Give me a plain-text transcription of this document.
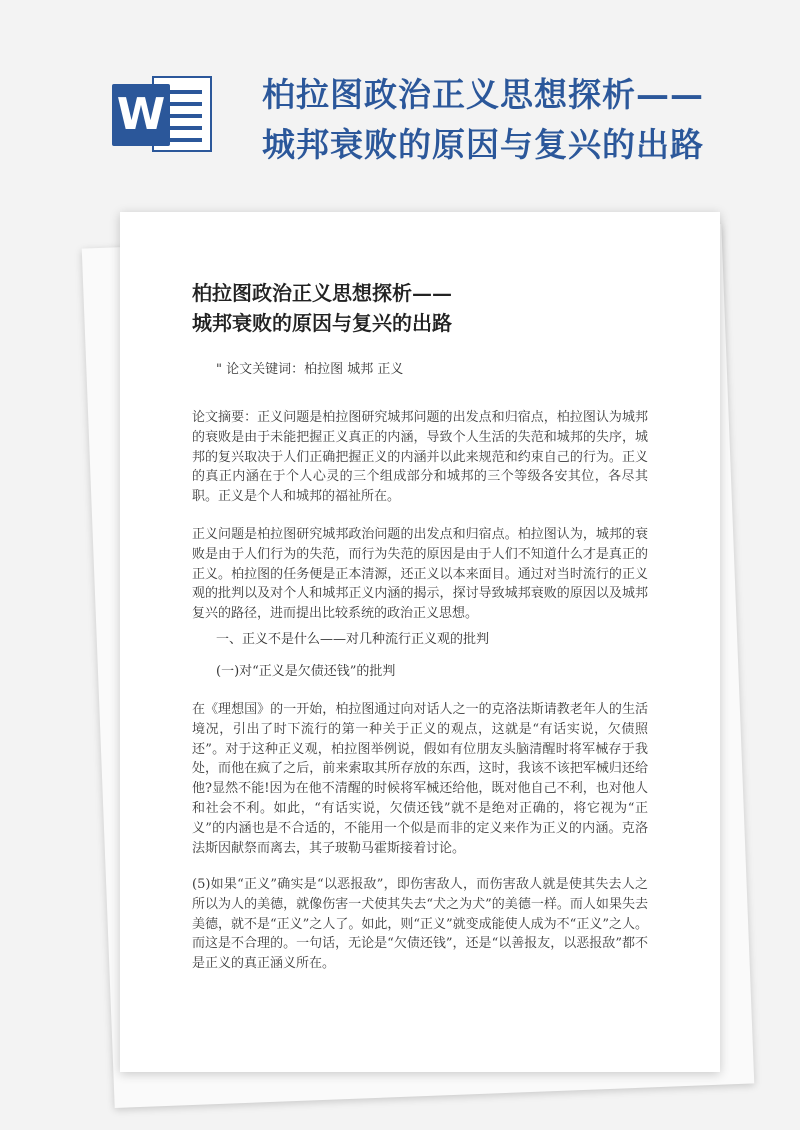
W	柏拉图政治正义思想探析——
城邦衰败的原因与复兴的出路
柏拉图政治正义思想探析——
城邦衰败的原因与复兴的出路
" 论文关键词：柏拉图 城邦 正义

论文摘要：正义问题是柏拉图研究城邦问题的出发点和归宿点，柏拉图认为城邦的衰败是由于未能把握正义真正的内涵，导致个人生活的失范和城邦的失序，城邦的复兴取决于人们正确把握正义的内涵并以此来规范和约束自己的行为。正义的真正内涵在于个人心灵的三个组成部分和城邦的三个等级各安其位，各尽其职。正义是个人和城邦的福祉所在。

正义问题是柏拉图研究城邦政治问题的出发点和归宿点。柏拉图认为，城邦的衰败是由于人们行为的失范，而行为失范的原因是由于人们不知道什么才是真正的正义。柏拉图的任务便是正本清源，还正义以本来面目。通过对当时流行的正义观的批判以及对个人和城邦正义内涵的揭示，探讨导致城邦衰败的原因以及城邦复兴的路径，进而提出比较系统的政治正义思想。

一、正义不是什么——对几种流行正义观的批判
(一)对“正义是欠债还钱”的批判

在《理想国》的一开始，柏拉图通过向对话人之一的克洛法斯请教老年人的生活境况，引出了时下流行的第一种关于正义的观点，这就是“有话实说，欠债照还”。对于这种正义观，柏拉图举例说，假如有位朋友头脑清醒时将军械存于我处，而他在疯了之后，前来索取其所存放的东西，这时，我该不该把军械归还给他?显然不能!因为在他不清醒的时候将军械还给他，既对他自己不利，也对他人和社会不利。如此，“有话实说，欠债还钱”就不是绝对正确的，将它视为“正义”的内涵也是不合适的，不能用一个似是而非的定义来作为正义的内涵。克洛法斯因献祭而离去，其子玻勒马霍斯接着讨论。

(5)如果“正义”确实是“以恶报敌”，即伤害敌人，而伤害敌人就是使其失去人之所以为人的美德，就像伤害一犬使其失去“犬之为犬”的美德一样。而人如果失去美德，就不是“正义”之人了。如此，则“正义”就变成能使人成为不“正义”之人。而这是不合理的。一句话，无论是“欠债还钱”，还是“以善报友，以恶报敌”都不是正义的真正涵义所在。
